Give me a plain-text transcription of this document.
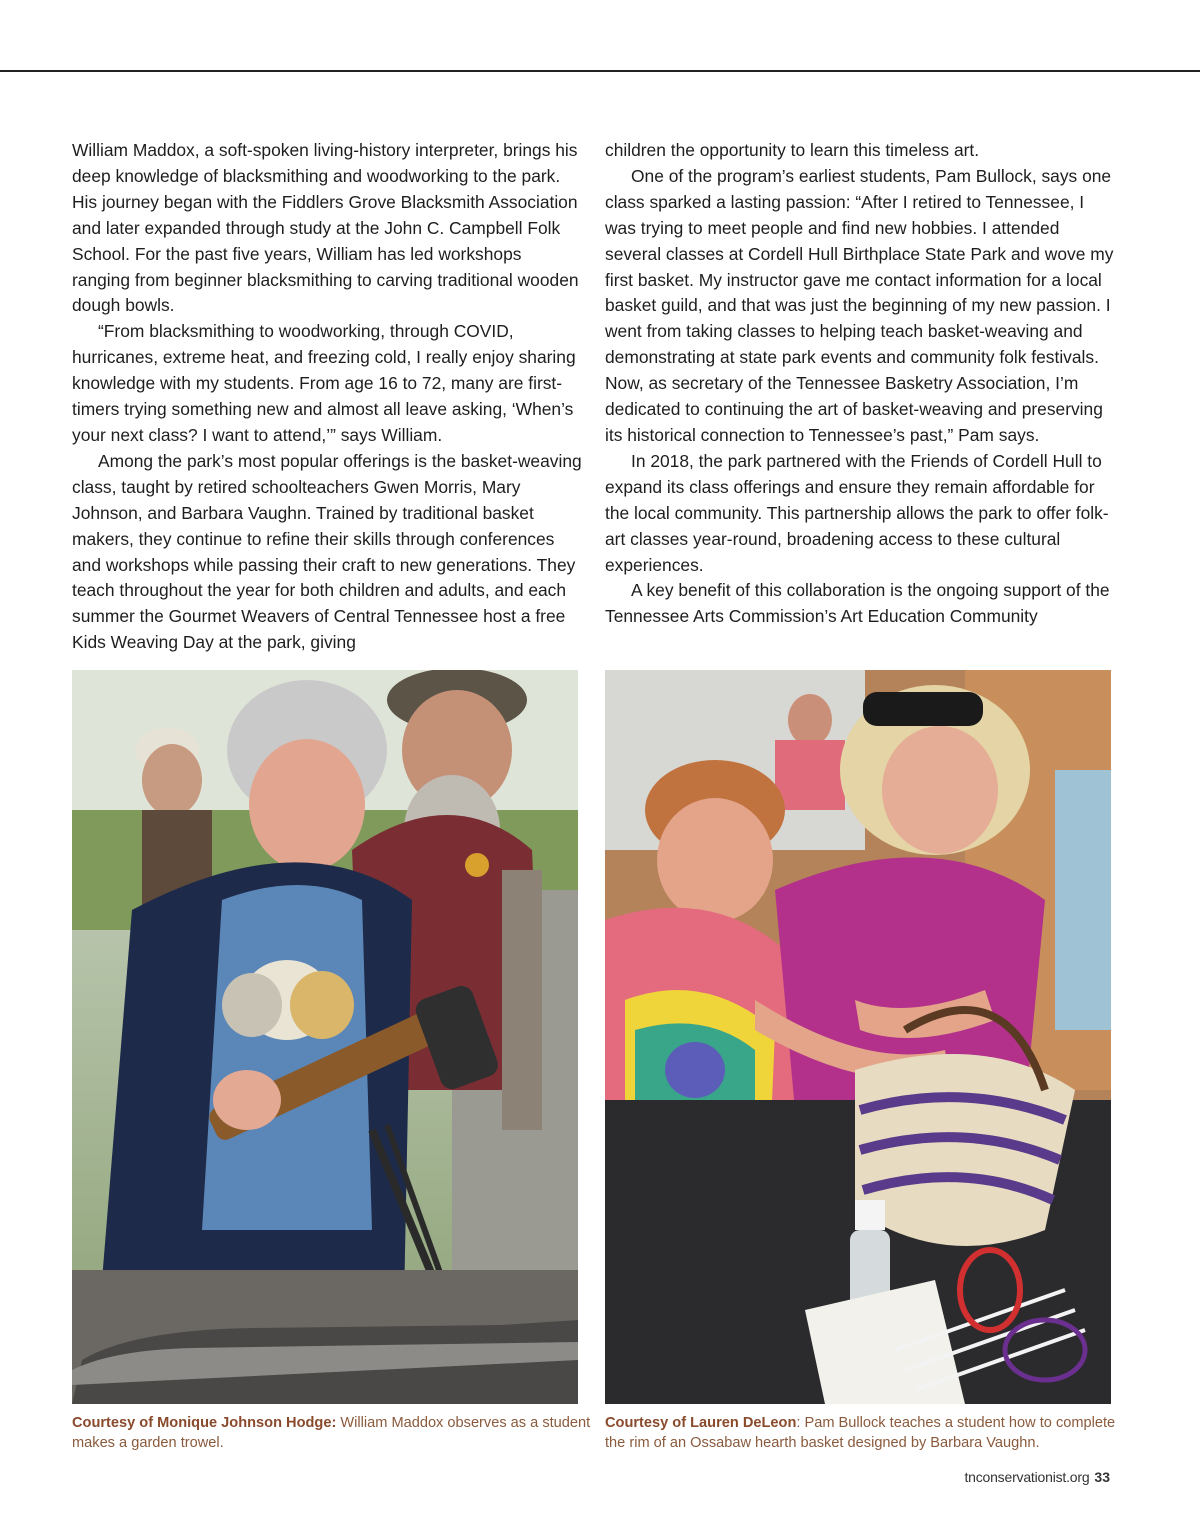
William Maddox, a soft-spoken living-history interpreter, brings his deep knowledge of blacksmithing and woodworking to the park. His journey began with the Fiddlers Grove Blacksmith Association and later expanded through study at the John C. Campbell Folk School. For the past five years, William has led workshops ranging from beginner blacksmithing to carving traditional wooden dough bowls.

“From blacksmithing to woodworking, through COVID, hurricanes, extreme heat, and freezing cold, I really enjoy sharing knowledge with my students. From age 16 to 72, many are first-timers trying something new and almost all leave asking, ‘When’s your next class? I want to attend,’” says William.

Among the park’s most popular offerings is the basket-weaving class, taught by retired schoolteachers Gwen Morris, Mary Johnson, and Barbara Vaughn. Trained by traditional basket makers, they continue to refine their skills through conferences and workshops while passing their craft to new generations. They teach throughout the year for both children and adults, and each summer the Gourmet Weavers of Central Tennessee host a free Kids Weaving Day at the park, giving

children the opportunity to learn this timeless art.

One of the program’s earliest students, Pam Bullock, says one class sparked a lasting passion: “After I retired to Tennessee, I was trying to meet people and find new hobbies. I attended several classes at Cordell Hull Birthplace State Park and wove my first basket. My instructor gave me contact information for a local basket guild, and that was just the beginning of my new passion. I went from taking classes to helping teach basket-weaving and demonstrating at state park events and community folk festivals. Now, as secretary of the Tennessee Basketry Association, I’m dedicated to continuing the art of basket-weaving and preserving its historical connection to Tennessee’s past,” Pam says.

In 2018, the park partnered with the Friends of Cordell Hull to expand its class offerings and ensure they remain affordable for the local community. This partnership allows the park to offer folk-art classes year-round, broadening access to these cultural experiences.

A key benefit of this collaboration is the ongoing support of the Tennessee Arts Commission’s Art Education Community

Courtesy of Monique Johnson Hodge: William Maddox observes as a student makes a garden trowel.
Courtesy of Lauren DeLeon: Pam Bullock teaches a student how to complete the rim of an Ossabaw hearth basket designed by Barbara Vaughn.
tnconservationist.org 33
